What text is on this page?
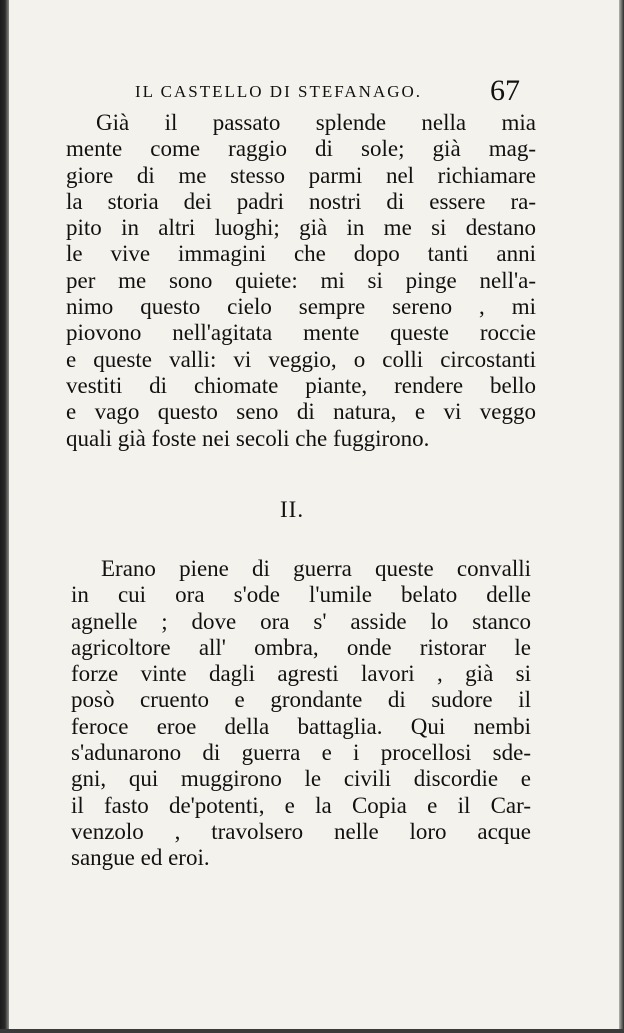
IL CASTELLO DI STEFANAGO. 67
Già il passato splende nella mia
mente come raggio di sole; già mag-
giore di me stesso parmi nel richiamare
la storia dei padri nostri di essere ra-
pito in altri luoghi; già in me si destano
le vive immagini che dopo tanti anni
per me sono quiete: mi si pinge nell'a-
nimo questo cielo sempre sereno , mi
piovono nell'agitata mente queste roccie
e queste valli: vi veggio, o colli circostanti
vestiti di chiomate piante, rendere bello
e vago questo seno di natura, e vi veggo
quali già foste nei secoli che fuggirono.
II.
Erano piene di guerra queste convalli
in cui ora s'ode l'umile belato delle
agnelle ; dove ora s' asside lo stanco
agricoltore all' ombra, onde ristorar le
forze vinte dagli agresti lavori , già si
posò cruento e grondante di sudore il
feroce eroe della battaglia. Qui nembi
s'adunarono di guerra e i procellosi sde-
gni, qui muggirono le civili discordie e
il fasto de'potenti, e la Copia e il Car-
venzolo , travolsero nelle loro acque
sangue ed eroi.
